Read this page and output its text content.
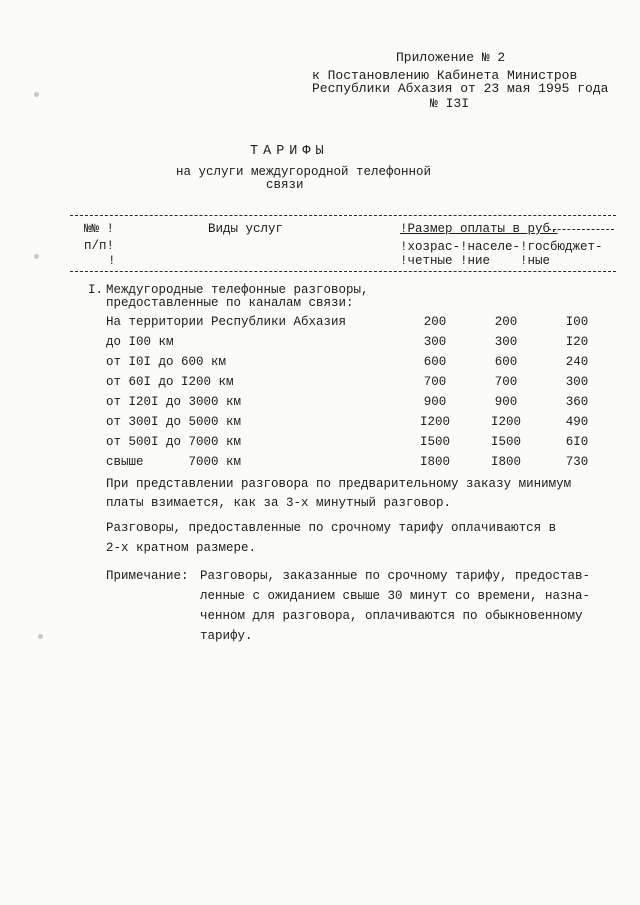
Приложение № 2
к Постановлению Кабинета Министров
Республики Абхазия от 23 мая 1995 года
№ I3I
ТАРИФЫ
на услуги междугородной телефонной
связи
№№ !
п/п!
!
Виды услуг	!Размер оплаты в руб.
!хозрас-!населе-!госбюджет-
!четные !ние    !ные
I. Междугородные телефонные разговоры,
предоставленные по каналам связи:
На территории Республики Абхазия	200	200	I00
до I00 км	300	300	I20
от I0I до 600 км	600	600	240
от 60I до I200 км	700	700	300
от I20I до 3000 км	900	900	360
от 300I до 5000 км	I200	I200	490
от 500I до 7000 км	I500	I500	6I0
свыше      7000 км	I800	I800	730
При представлении разговора по предварительному заказу минимум
платы взимается, как за 3-х минутный разговор.
Разговоры, предоставленные по срочному тарифу оплачиваются в
2-х кратном размере.
Примечание: Разговоры, заказанные по срочному тарифу, предостав-
ленные с ожиданием свыше 30 минут со времени, назна-
ченном для разговора, оплачиваются по обыкновенному
тарифу.
